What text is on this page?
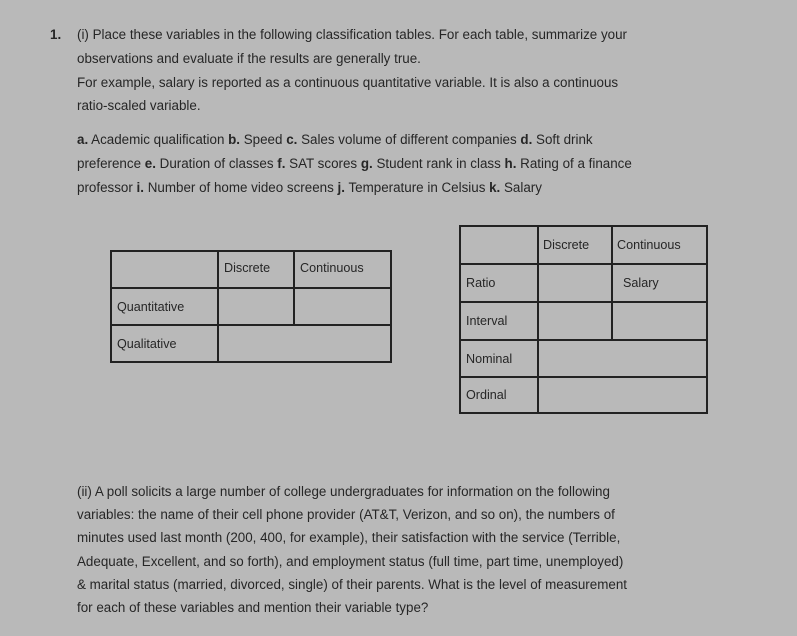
1. (i) Place these variables in the following classification tables. For each table, summarize your
observations and evaluate if the results are generally true.
For example, salary is reported as a continuous quantitative variable. It is also a continuous
ratio-scaled variable.
a. Academic qualification b. Speed c. Sales volume of different companies d. Soft drink
preference e. Duration of classes f. SAT scores g. Student rank in class h. Rating of a finance
professor i. Number of home video screens j. Temperature in Celsius k. Salary
	Discrete	Continuous
Quantitative		
Qualitative		
	Discrete	Continuous
Ratio		Salary
Interval		
Nominal		
Ordinal		
(ii) A poll solicits a large number of college undergraduates for information on the following
variables: the name of their cell phone provider (AT&T, Verizon, and so on), the numbers of
minutes used last month (200, 400, for example), their satisfaction with the service (Terrible,
Adequate, Excellent, and so forth), and employment status (full time, part time, unemployed)
& marital status (married, divorced, single) of their parents. What is the level of measurement
for each of these variables and mention their variable type?
